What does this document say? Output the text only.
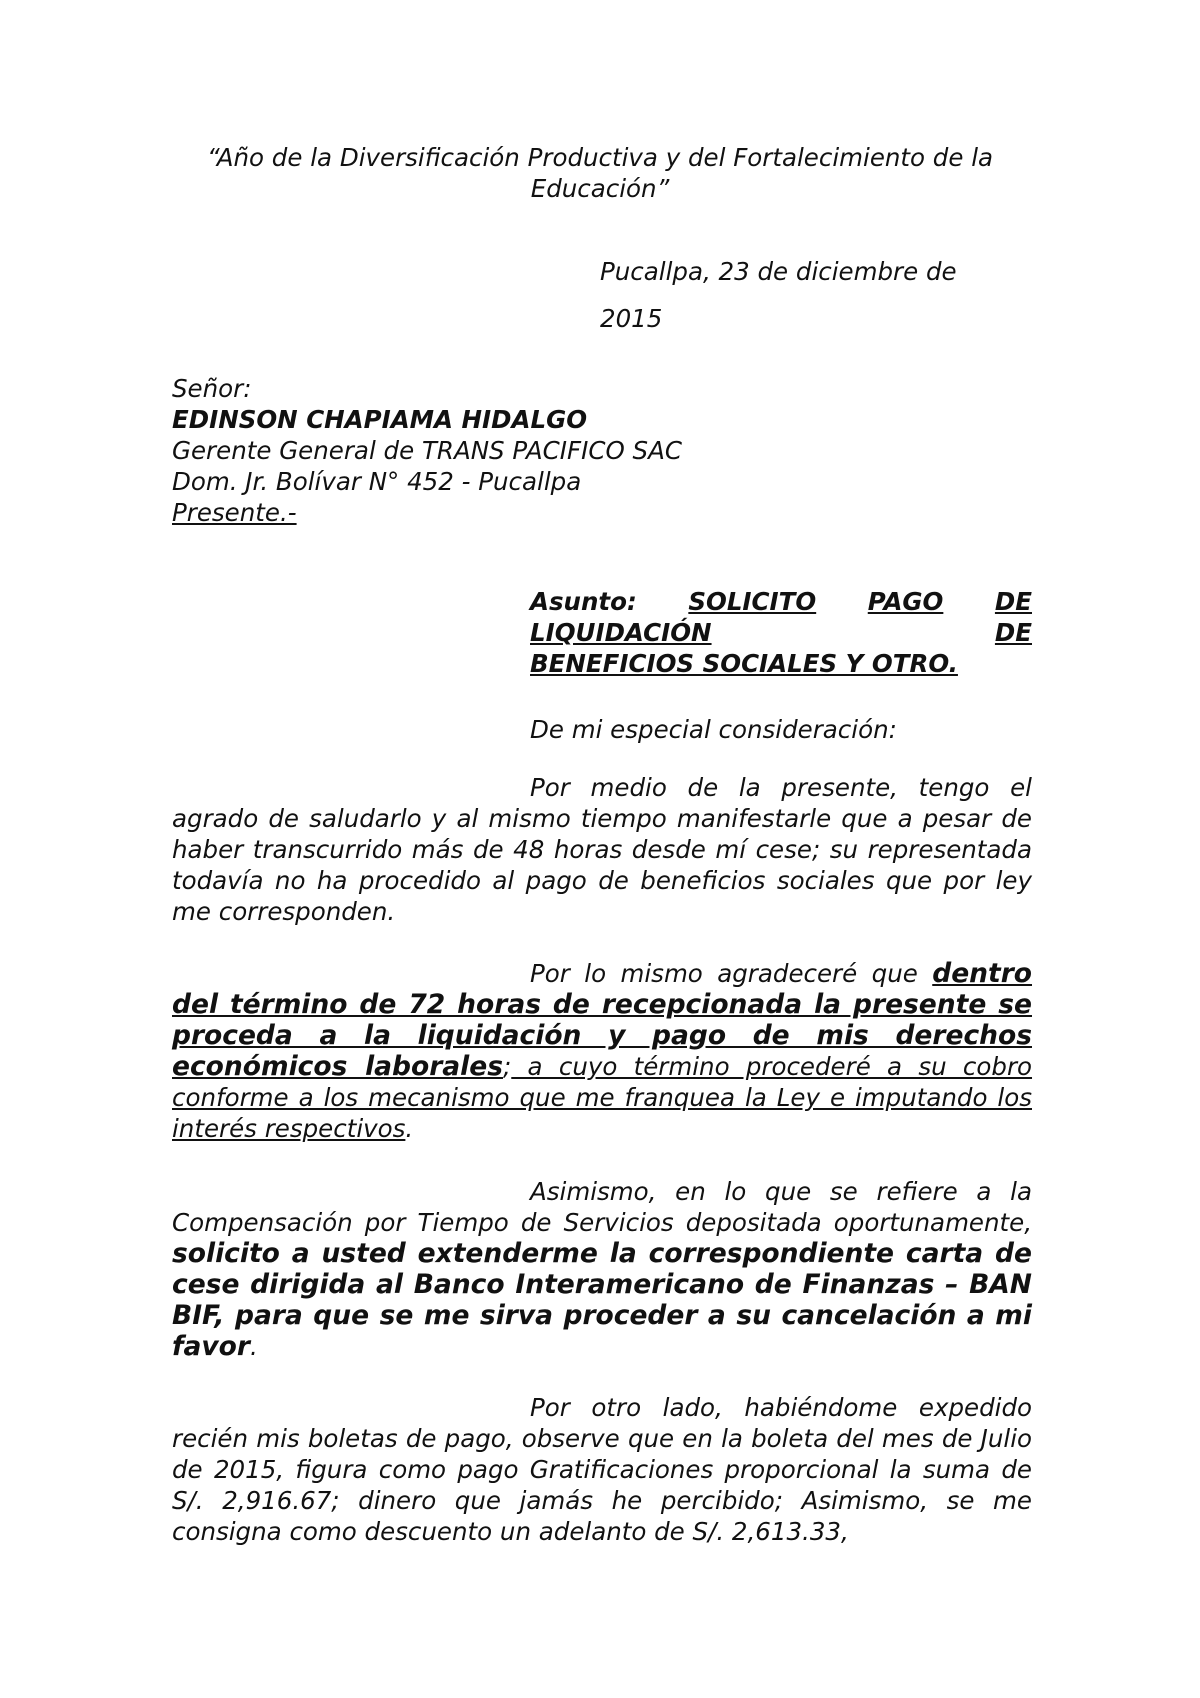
“Año de la Diversificación Productiva y del Fortalecimiento de la
Educación”
Pucallpa, 23 de diciembre de
2015
Señor:
EDINSON CHAPIAMA HIDALGO
Gerente General de TRANS PACIFICO SAC
Dom. Jr. Bolívar N° 452 - Pucallpa
Presente.-
Asunto: SOLICITO PAGO DE
LIQUIDACIÓN	DE
BENEFICIOS SOCIALES Y OTRO.
De mi especial consideración:
Por medio de la presente, tengo el agrado de saludarlo y al mismo tiempo manifestarle que a pesar de haber transcurrido más de 48 horas desde mí cese; su representada todavía no ha procedido al pago de beneficios sociales que por ley me corresponden.
Por lo mismo agradeceré que dentro del término de 72 horas de recepcionada la presente se proceda a la liquidación y pago de mis derechos económicos laborales; a cuyo término procederé a su cobro conforme a los mecanismo que me franquea la Ley e imputando los interés respectivos.
Asimismo, en lo que se refiere a la Compensación por Tiempo de Servicios depositada oportunamente, solicito a usted extenderme la correspondiente carta de cese dirigida al Banco Interamericano de Finanzas – BAN BIF, para que se me sirva proceder a su cancelación a mi favor.
Por otro lado, habiéndome expedido recién mis boletas de pago, observe que en la boleta del mes de Julio de 2015, figura como pago Gratificaciones proporcional la suma de S/. 2,916.67; dinero que jamás he percibido; Asimismo, se me consigna como descuento un adelanto de S/. 2,613.33,
